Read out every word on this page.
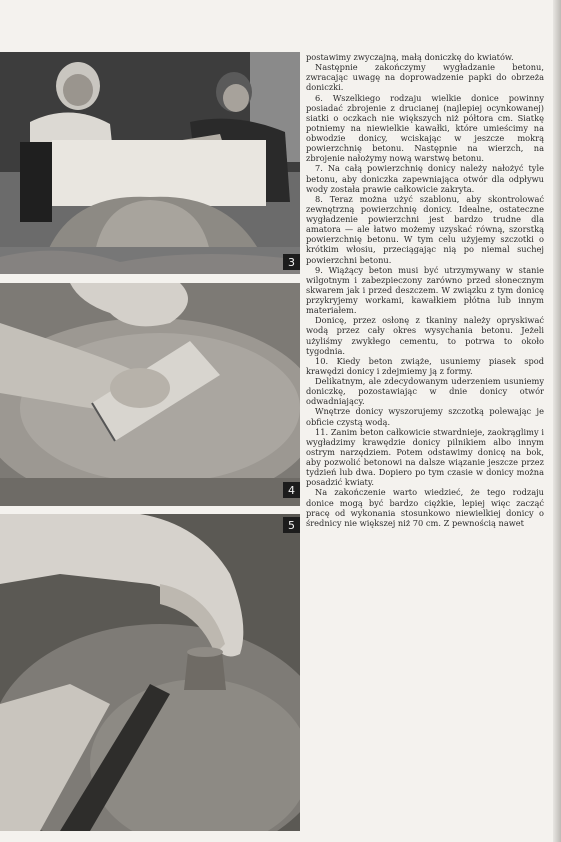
3
4
5

postawimy zwyczajną, małą doniczkę do kwiatów.

Następnie zakończymy wygładzanie betonu, zwracając uwagę na doprowadzenie papki do obrzeża doniczki.

6. Wszelkiego rodzaju wielkie donice powinny posiadać zbrojenie z drucianej (najlepiej ocynkowanej) siatki o oczkach nie większych niż półtora cm. Siatkę potniemy na niewielkie kawałki, które umieścimy na obwodzie donicy, wciskając w jeszcze mokrą powierzchnię betonu. Następnie na wierzch, na zbrojenie nałożymy nową warstwę betonu.

7. Na całą powierzchnię donicy należy nałożyć tyle betonu, aby doniczka zapewniająca otwór dla odpływu wody została prawie całkowicie zakryta.

8. Teraz można użyć szablonu, aby skontrolować zewnętrzną powierzchnię donicy. Idealne, ostateczne wygładzenie powierzchni jest bardzo trudne dla amatora — ale łatwo możemy uzyskać równą, szorstką powierzchnię betonu. W tym celu użyjemy szczotki o krótkim włosiu, przeciągając nią po niemal suchej powierzchni betonu.

9. Wiążący beton musi być utrzymywany w stanie wilgotnym i zabezpieczony zarówno przed słonecznym skwarem jak i przed deszczem. W związku z tym donicę przykryjemy workami, kawałkiem płótna lub innym materiałem.

Donicę, przez osłonę z tkaniny należy opryskiwać wodą przez cały okres wysychania betonu. Jeżeli użyliśmy zwykłego cementu, to potrwa to około tygodnia.

10. Kiedy beton zwiąże, usuniemy piasek spod krawędzi donicy i zdejmiemy ją z formy.

Delikatnym, ale zdecydowanym uderzeniem usuniemy doniczkę, pozostawiając w dnie donicy otwór odwadniający.

Wnętrze donicy wyszorujemy szczotką polewając je obficie czystą wodą.

11. Zanim beton całkowicie stwardnieje, zaokrąglimy i wygładzimy krawędzie donicy pilnikiem albo innym ostrym narzędziem. Potem odstawimy donicę na bok, aby pozwolić betonowi na dalsze wiązanie jeszcze przez tydzień lub dwa. Dopiero po tym czasie w donicy można posadzić kwiaty.

Na zakończenie warto wiedzieć, że tego rodzaju donice mogą być bardzo ciężkie, lepiej więc zacząć pracę od wykonania stosunkowo niewielkiej donicy o średnicy nie większej niż 70 cm. Z pewnością nawet
